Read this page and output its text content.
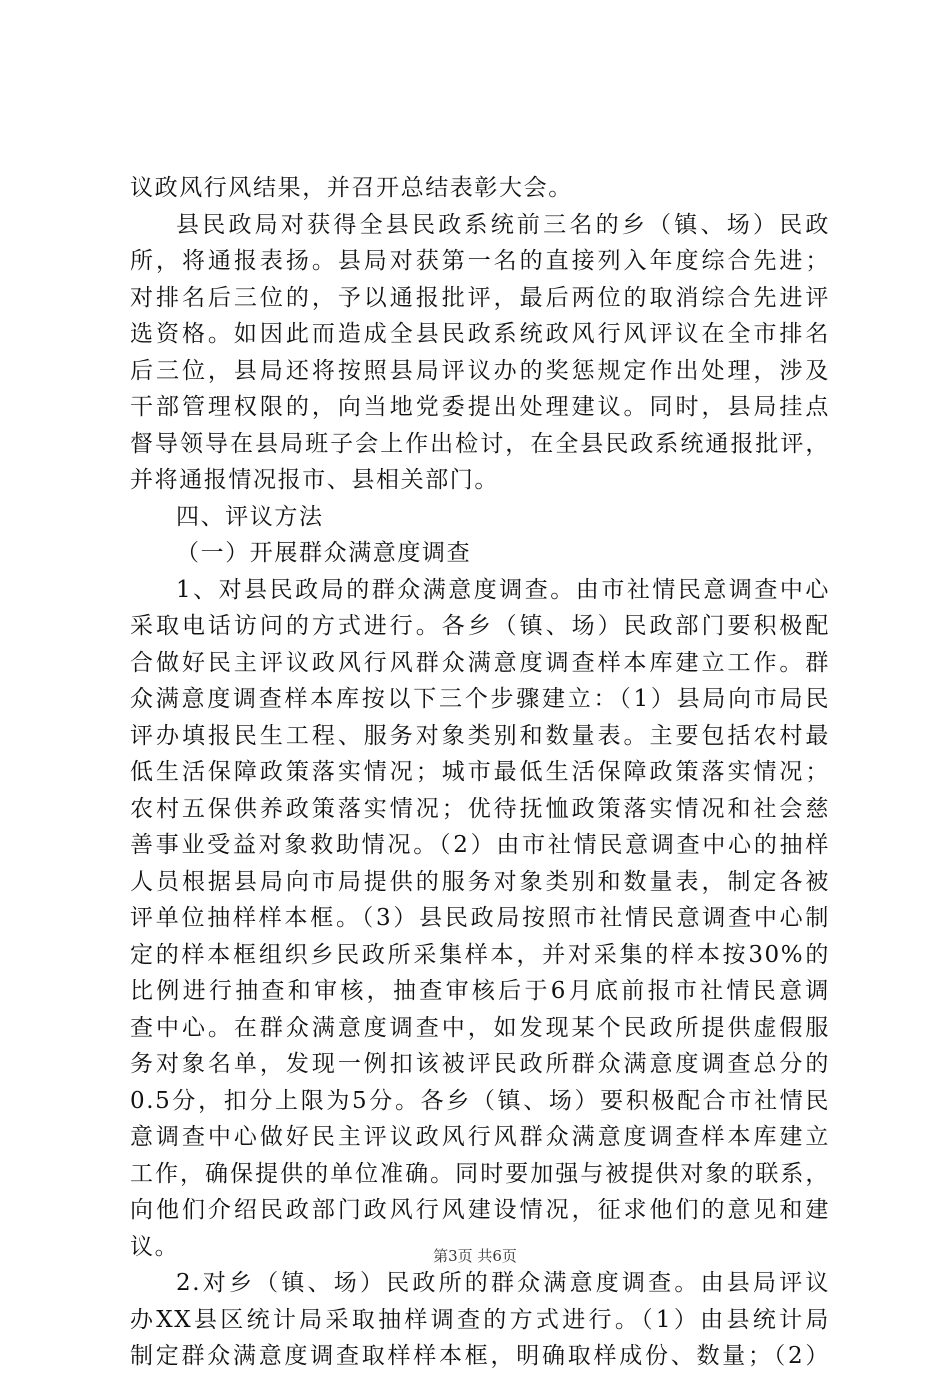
议政风行风结果，并召开总结表彰大会。
县民政局对获得全县民政系统前三名的乡（镇、场）民政
所，将通报表扬。县局对获第一名的直接列入年度综合先进；
对排名后三位的，予以通报批评，最后两位的取消综合先进评
选资格。如因此而造成全县民政系统政风行风评议在全市排名
后三位，县局还将按照县局评议办的奖惩规定作出处理，涉及
干部管理权限的，向当地党委提出处理建议。同时，县局挂点
督导领导在县局班子会上作出检讨，在全县民政系统通报批评，
并将通报情况报市、县相关部门。
四、评议方法
（一）开展群众满意度调查
1、对县民政局的群众满意度调查。由市社情民意调查中心
采取电话访问的方式进行。各乡（镇、场）民政部门要积极配
合做好民主评议政风行风群众满意度调查样本库建立工作。群
众满意度调查样本库按以下三个步骤建立：（1）县局向市局民
评办填报民生工程、服务对象类别和数量表。主要包括农村最
低生活保障政策落实情况；城市最低生活保障政策落实情况；
农村五保供养政策落实情况；优待抚恤政策落实情况和社会慈
善事业受益对象救助情况。（2）由市社情民意调查中心的抽样
人员根据县局向市局提供的服务对象类别和数量表，制定各被
评单位抽样样本框。（3）县民政局按照市社情民意调查中心制
定的样本框组织乡民政所采集样本，并对采集的样本按30%的
比例进行抽查和审核，抽查审核后于6月底前报市社情民意调
查中心。在群众满意度调查中，如发现某个民政所提供虚假服
务对象名单，发现一例扣该被评民政所群众满意度调查总分的
0.5分，扣分上限为5分。各乡（镇、场）要积极配合市社情民
意调查中心做好民主评议政风行风群众满意度调查样本库建立
工作，确保提供的单位准确。同时要加强与被提供对象的联系，
向他们介绍民政部门政风行风建设情况，征求他们的意见和建
议。
2.对乡（镇、场）民政所的群众满意度调查。由县局评议
办XX县区统计局采取抽样调查的方式进行。（1）由县统计局
制定群众满意度调查取样样本框，明确取样成份、数量；（2）
第3页 共6页
